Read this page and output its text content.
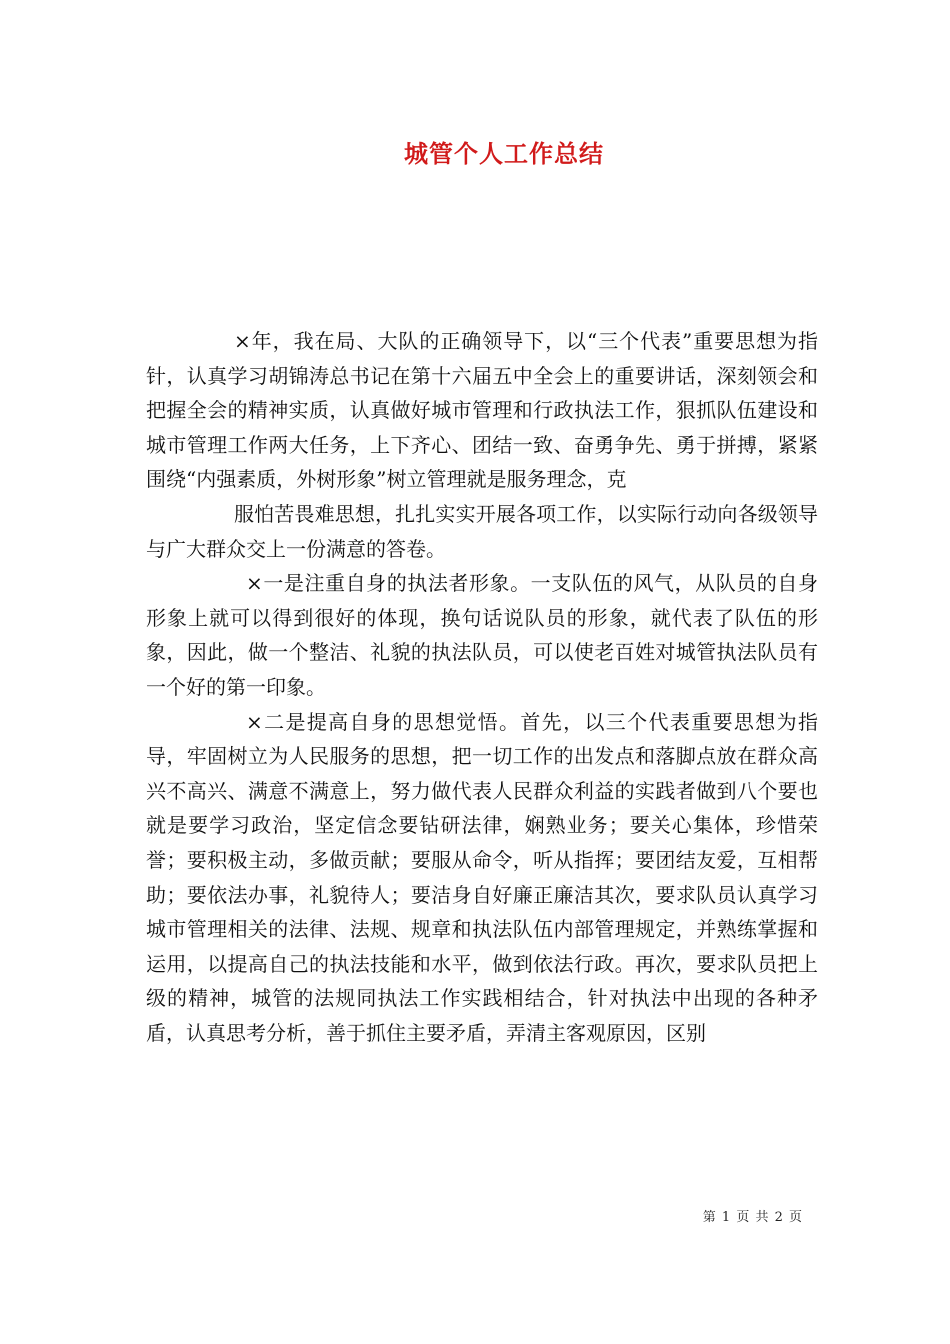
城管个人工作总结

×年，我在局、大队的正确领导下，以“三个代表”重要思想为指针，认真学习胡锦涛总书记在第十六届五中全会上的重要讲话，深刻领会和把握全会的精神实质，认真做好城市管理和行政执法工作，狠抓队伍建设和城市管理工作两大任务，上下齐心、团结一致、奋勇争先、勇于拼搏，紧紧围绕“内强素质，外树形象”树立管理就是服务理念，克

服怕苦畏难思想，扎扎实实开展各项工作，以实际行动向各级领导与广大群众交上一份满意的答卷。

×一是注重自身的执法者形象。一支队伍的风气，从队员的自身形象上就可以得到很好的体现，换句话说队员的形象，就代表了队伍的形象，因此，做一个整洁、礼貌的执法队员，可以使老百姓对城管执法队员有一个好的第一印象。

×二是提高自身的思想觉悟。首先，以三个代表重要思想为指导，牢固树立为人民服务的思想，把一切工作的出发点和落脚点放在群众高兴不高兴、满意不满意上，努力做代表人民群众利益的实践者做到八个要也就是要学习政治，坚定信念要钻研法律，娴熟业务；要关心集体，珍惜荣誉；要积极主动，多做贡献；要服从命令，听从指挥；要团结友爱，互相帮助；要依法办事，礼貌待人；要洁身自好廉正廉洁其次，要求队员认真学习城市管理相关的法律、法规、规章和执法队伍内部管理规定，并熟练掌握和运用，以提高自己的执法技能和水平，做到依法行政。再次，要求队员把上级的精神，城管的法规同执法工作实践相结合，针对执法中出现的各种矛盾，认真思考分析，善于抓住主要矛盾，弄清主客观原因，区别

第 1 页 共 2 页
